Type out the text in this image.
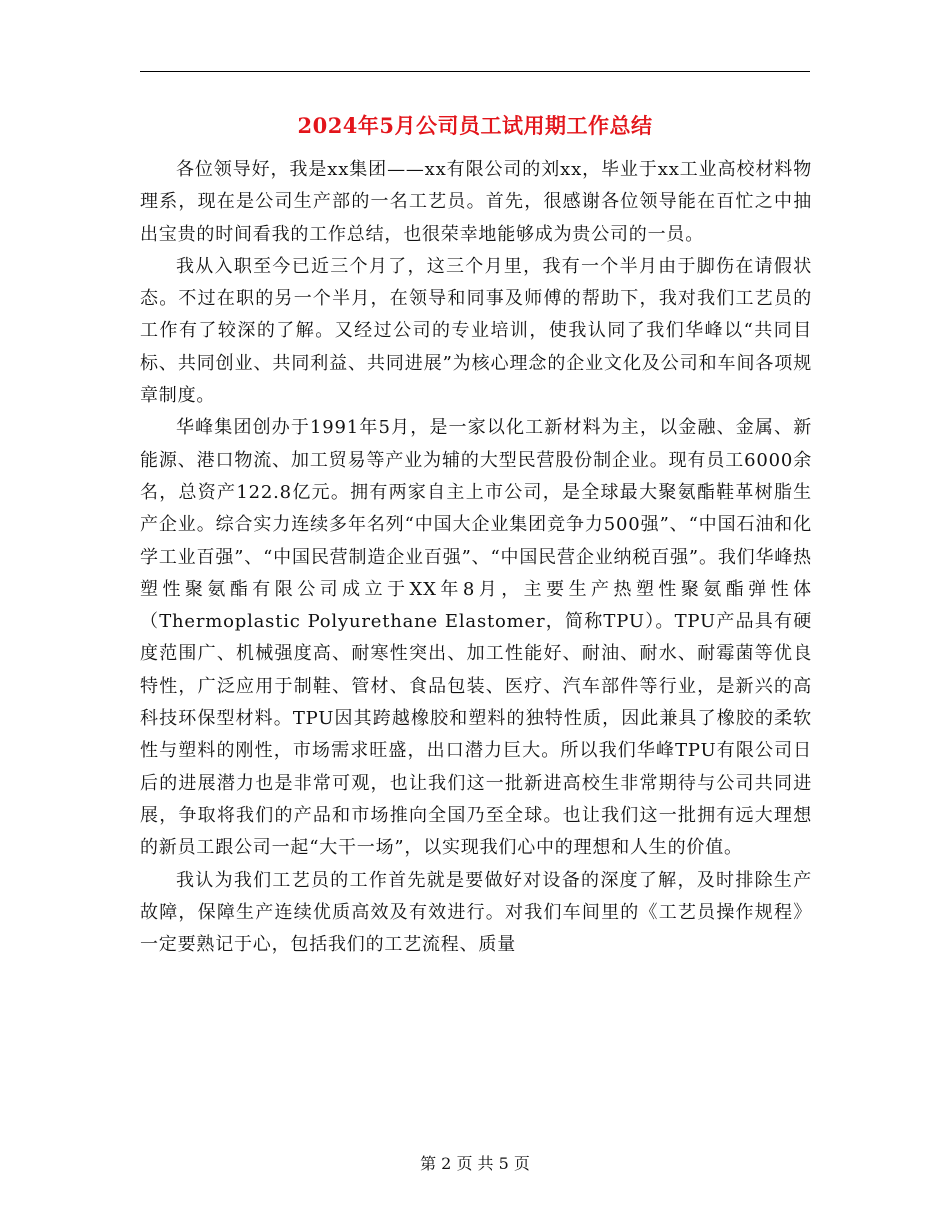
2024年5月公司员工试用期工作总结

各位领导好，我是xx集团——xx有限公司的刘xx，毕业于xx工业高校材料物理系，现在是公司生产部的一名工艺员。首先，很感谢各位领导能在百忙之中抽出宝贵的时间看我的工作总结，也很荣幸地能够成为贵公司的一员。

我从入职至今已近三个月了，这三个月里，我有一个半月由于脚伤在请假状态。不过在职的另一个半月，在领导和同事及师傅的帮助下，我对我们工艺员的工作有了较深的了解。又经过公司的专业培训，使我认同了我们华峰以“共同目标、共同创业、共同利益、共同进展”为核心理念的企业文化及公司和车间各项规章制度。

华峰集团创办于1991年5月，是一家以化工新材料为主，以金融、金属、新能源、港口物流、加工贸易等产业为辅的大型民营股份制企业。现有员工6000余名，总资产122.8亿元。拥有两家自主上市公司，是全球最大聚氨酯鞋革树脂生产企业。综合实力连续多年名列“中国大企业集团竞争力500强”、“中国石油和化学工业百强”、“中国民营制造企业百强”、“中国民营企业纳税百强”。我们华峰热塑性聚氨酯有限公司成立于XX年8月，主要生产热塑性聚氨酯弹性体（Thermoplastic Polyurethane Elastomer，简称TPU）。TPU产品具有硬度范围广、机械强度高、耐寒性突出、加工性能好、耐油、耐水、耐霉菌等优良特性，广泛应用于制鞋、管材、食品包装、医疗、汽车部件等行业，是新兴的高科技环保型材料。TPU因其跨越橡胶和塑料的独特性质，因此兼具了橡胶的柔软性与塑料的刚性，市场需求旺盛，出口潜力巨大。所以我们华峰TPU有限公司日后的进展潜力也是非常可观，也让我们这一批新进高校生非常期待与公司共同进展，争取将我们的产品和市场推向全国乃至全球。也让我们这一批拥有远大理想的新员工跟公司一起“大干一场”，以实现我们心中的理想和人生的价值。

我认为我们工艺员的工作首先就是要做好对设备的深度了解，及时排除生产故障，保障生产连续优质高效及有效进行。对我们车间里的《工艺员操作规程》一定要熟记于心，包括我们的工艺流程、质量

第 2 页 共 5 页
